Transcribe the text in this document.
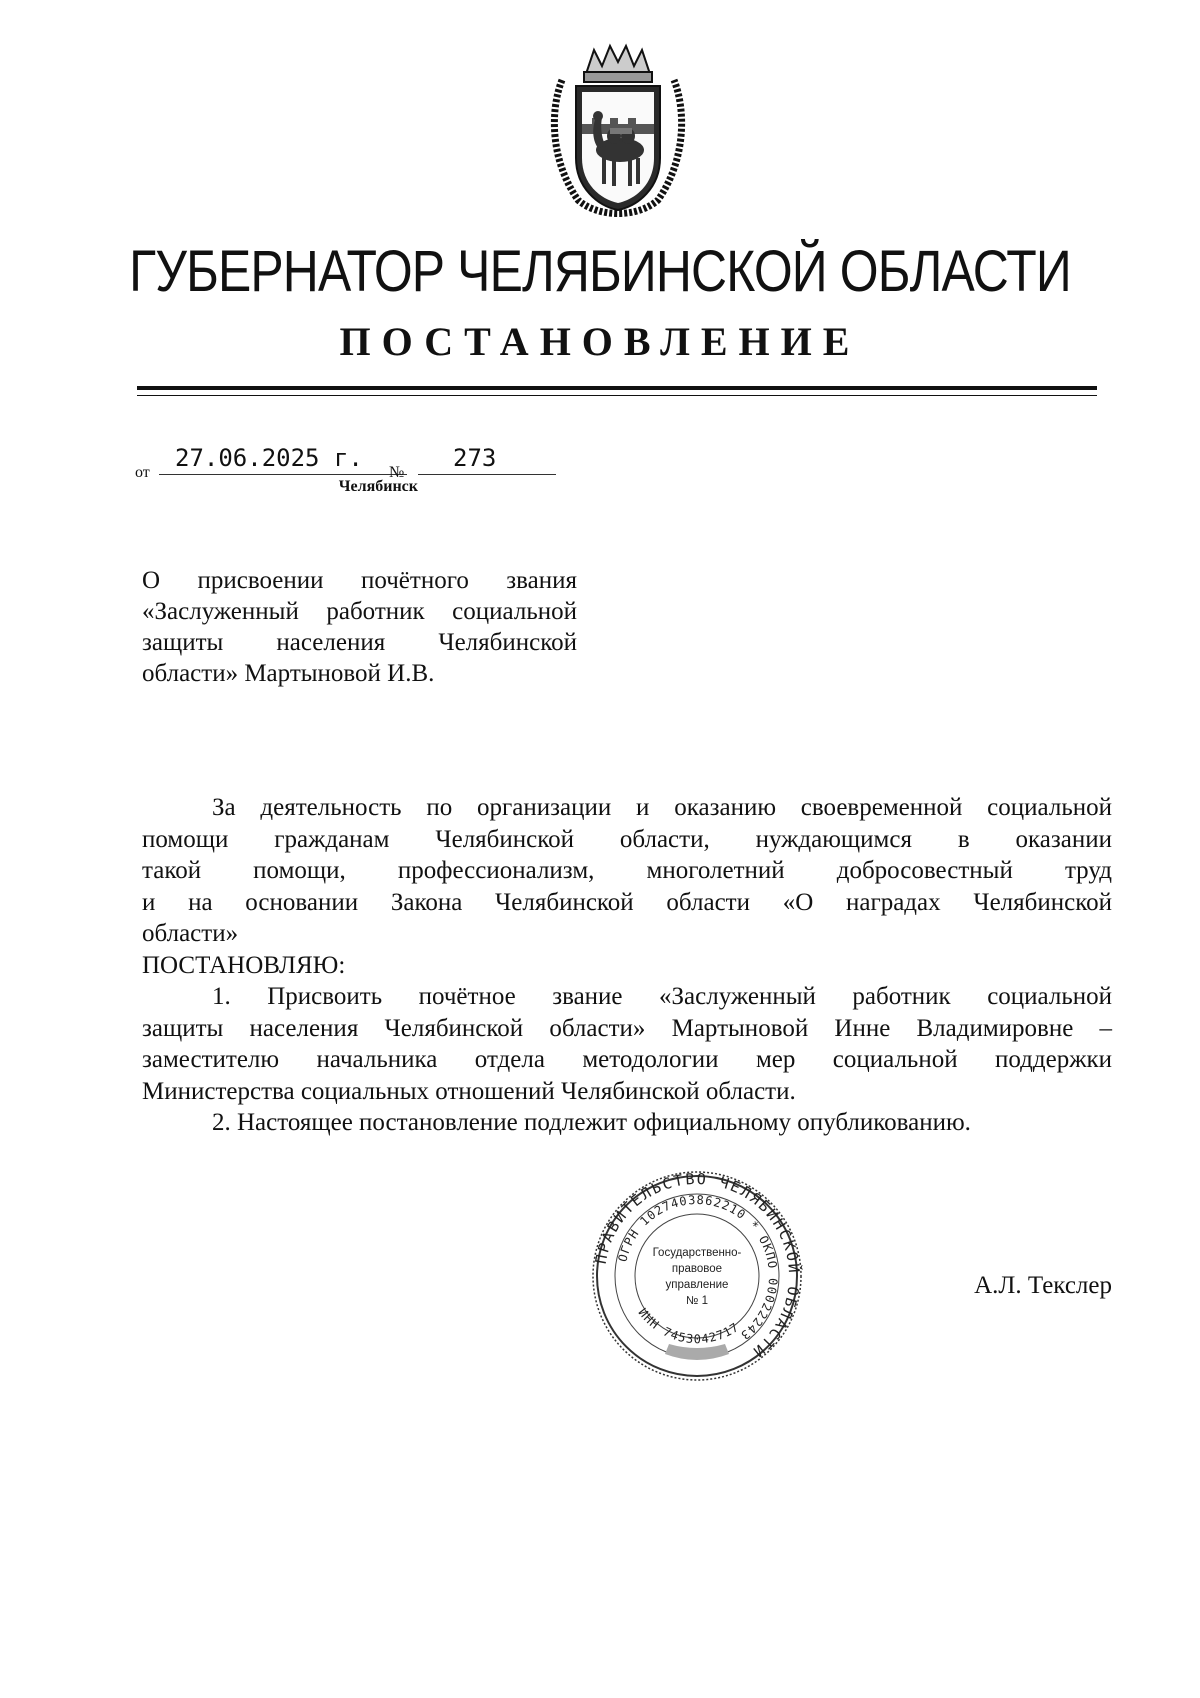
ГУБЕРНАТОР ЧЕЛЯБИНСКОЙ ОБЛАСТИ
ПОСТАНОВЛЕНИЕ
от
27.06.2025 г.
№
273
Челябинск
О присвоении почётного звания
«Заслуженный работник социальной
защиты населения Челябинской
области» Мартыновой И.В.
За деятельность по организации и оказанию своевременной социальной
помощи гражданам Челябинской области, нуждающимся в оказании
такой помощи, профессионализм, многолетний добросовестный труд
и на основании Закона Челябинской области «О наградах Челябинской
области»
ПОСТАНОВЛЯЮ:
1. Присвоить почётное звание «Заслуженный работник социальной
защиты населения Челябинской области» Мартыновой Инне Владимировне –
заместителю начальника отдела методологии мер социальной поддержки
Министерства социальных отношений Челябинской области.
2. Настоящее постановление подлежит официальному опубликованию.
ПРАВИТЕЛЬСТВО ЧЕЛЯБИНСКОЙ ОБЛАСТИ
ОГРН 1027403862210 * ОКПО 00022243
ИНН 7453042717
Государственно-
правовое
управление
№ 1
А.Л. Текслер
